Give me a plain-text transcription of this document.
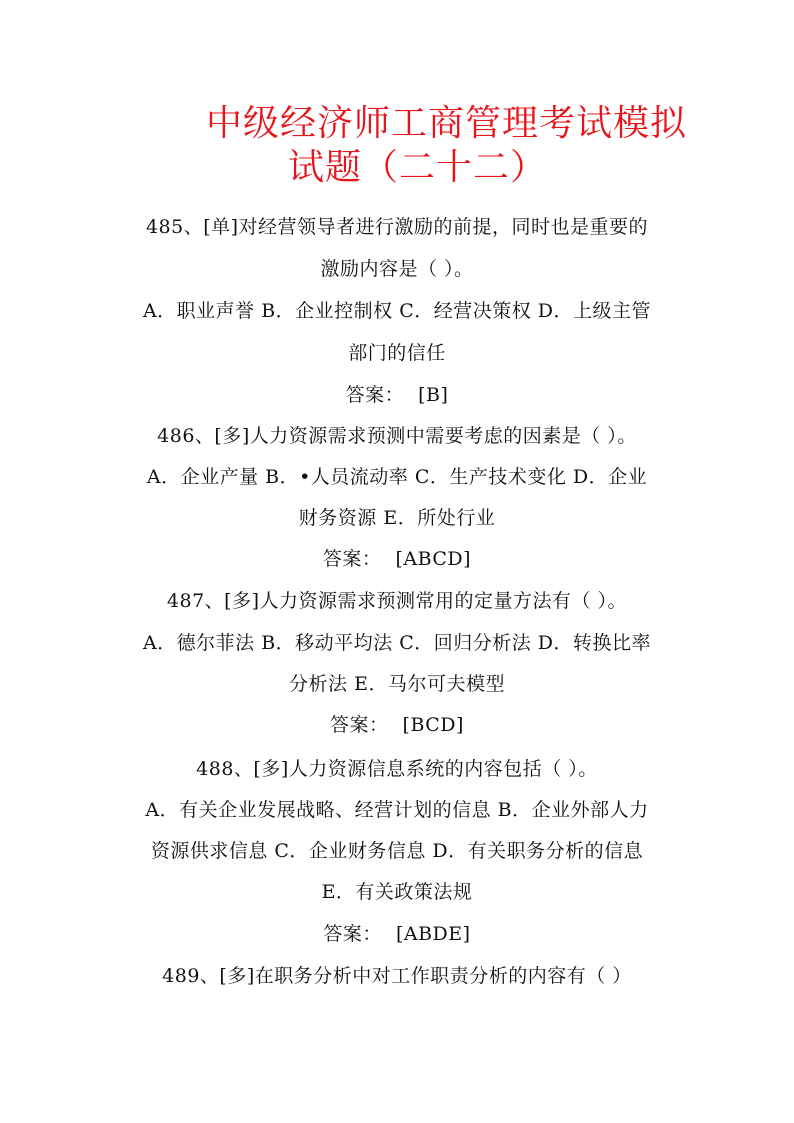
中级经济师工商管理考试模拟
试题（二十二）
485、[单]对经营领导者进行激励的前提，同时也是重要的
激励内容是（ ）。
A．职业声誉 B．企业控制权 C．经营决策权 D．上级主管
部门的信任
答案： [B]
486、[多]人力资源需求预测中需要考虑的因素是（ ）。
A．企业产量 B．•人员流动率 C．生产技术变化 D．企业
财务资源 E．所处行业
答案： [ABCD]
487、[多]人力资源需求预测常用的定量方法有（ ）。
A．德尔菲法 B．移动平均法 C．回归分析法 D．转换比率
分析法 E．马尔可夫模型
答案： [BCD]
488、[多]人力资源信息系统的内容包括（ ）。
A．有关企业发展战略、经营计划的信息 B．企业外部人力
资源供求信息 C．企业财务信息 D．有关职务分析的信息
E．有关政策法规
答案： [ABDE]
489、[多]在职务分析中对工作职责分析的内容有（ ）
